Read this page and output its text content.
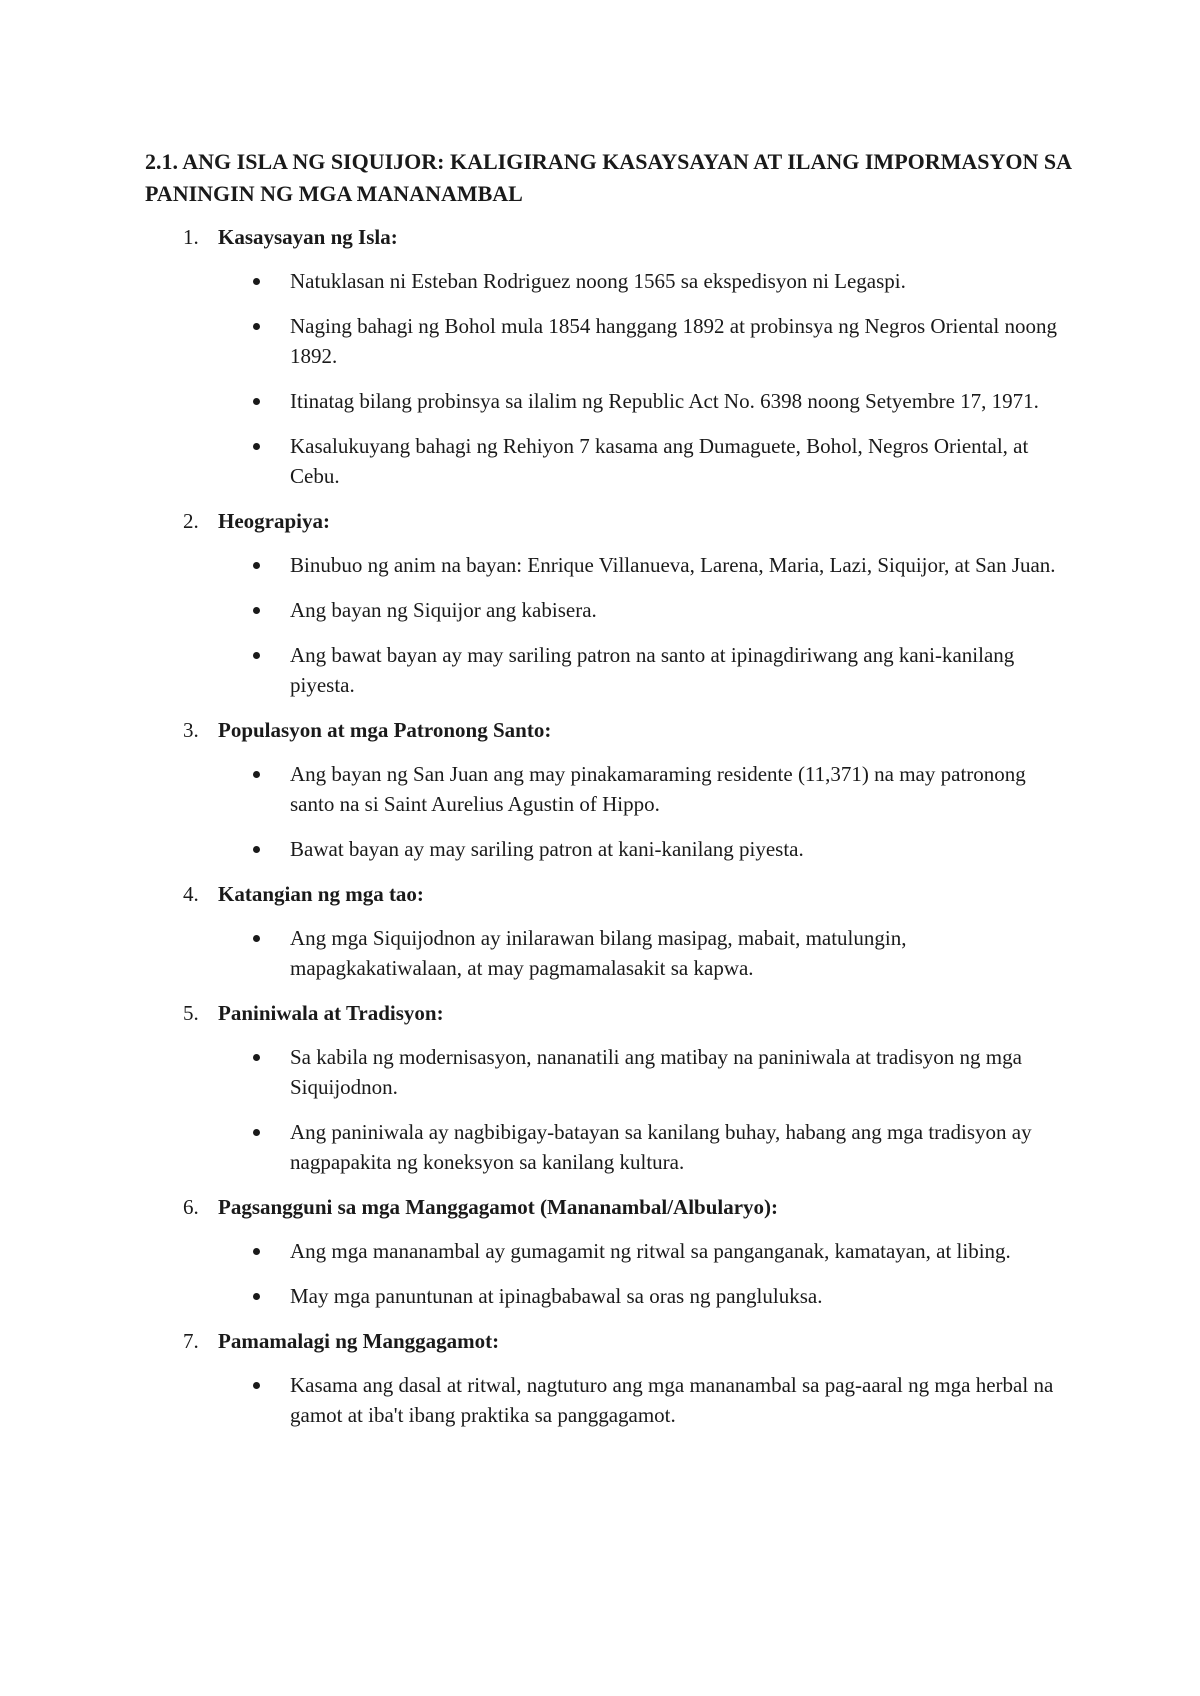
2.1. ANG ISLA NG SIQUIJOR: KALIGIRANG KASAYSAYAN AT ILANG IMPORMASYON SA PANINGIN NG MGA MANANAMBAL
1. Kasaysayan ng Isla:
Natuklasan ni Esteban Rodriguez noong 1565 sa ekspedisyon ni Legaspi.
Naging bahagi ng Bohol mula 1854 hanggang 1892 at probinsya ng Negros Oriental noong 1892.
Itinatag bilang probinsya sa ilalim ng Republic Act No. 6398 noong Setyembre 17, 1971.
Kasalukuyang bahagi ng Rehiyon 7 kasama ang Dumaguete, Bohol, Negros Oriental, at Cebu.
2. Heograpiya:
Binubuo ng anim na bayan: Enrique Villanueva, Larena, Maria, Lazi, Siquijor, at San Juan.
Ang bayan ng Siquijor ang kabisera.
Ang bawat bayan ay may sariling patron na santo at ipinagdiriwang ang kani-kanilang piyesta.
3. Populasyon at mga Patronong Santo:
Ang bayan ng San Juan ang may pinakamaraming residente (11,371) na may patronong santo na si Saint Aurelius Agustin of Hippo.
Bawat bayan ay may sariling patron at kani-kanilang piyesta.
4. Katangian ng mga tao:
Ang mga Siquijodnon ay inilarawan bilang masipag, mabait, matulungin, mapagkakatiwalaan, at may pagmamalasakit sa kapwa.
5. Paniniwala at Tradisyon:
Sa kabila ng modernisasyon, nananatili ang matibay na paniniwala at tradisyon ng mga Siquijodnon.
Ang paniniwala ay nagbibigay-batayan sa kanilang buhay, habang ang mga tradisyon ay nagpapakita ng koneksyon sa kanilang kultura.
6. Pagsangguni sa mga Manggagamot (Mananambal/Albularyo):
Ang mga mananambal ay gumagamit ng ritwal sa panganganak, kamatayan, at libing.
May mga panuntunan at ipinagbabawal sa oras ng pangluluksa.
7. Pamamalagi ng Manggagamot:
Kasama ang dasal at ritwal, nagtuturo ang mga mananambal sa pag-aaral ng mga herbal na gamot at iba't ibang praktika sa panggagamot.
